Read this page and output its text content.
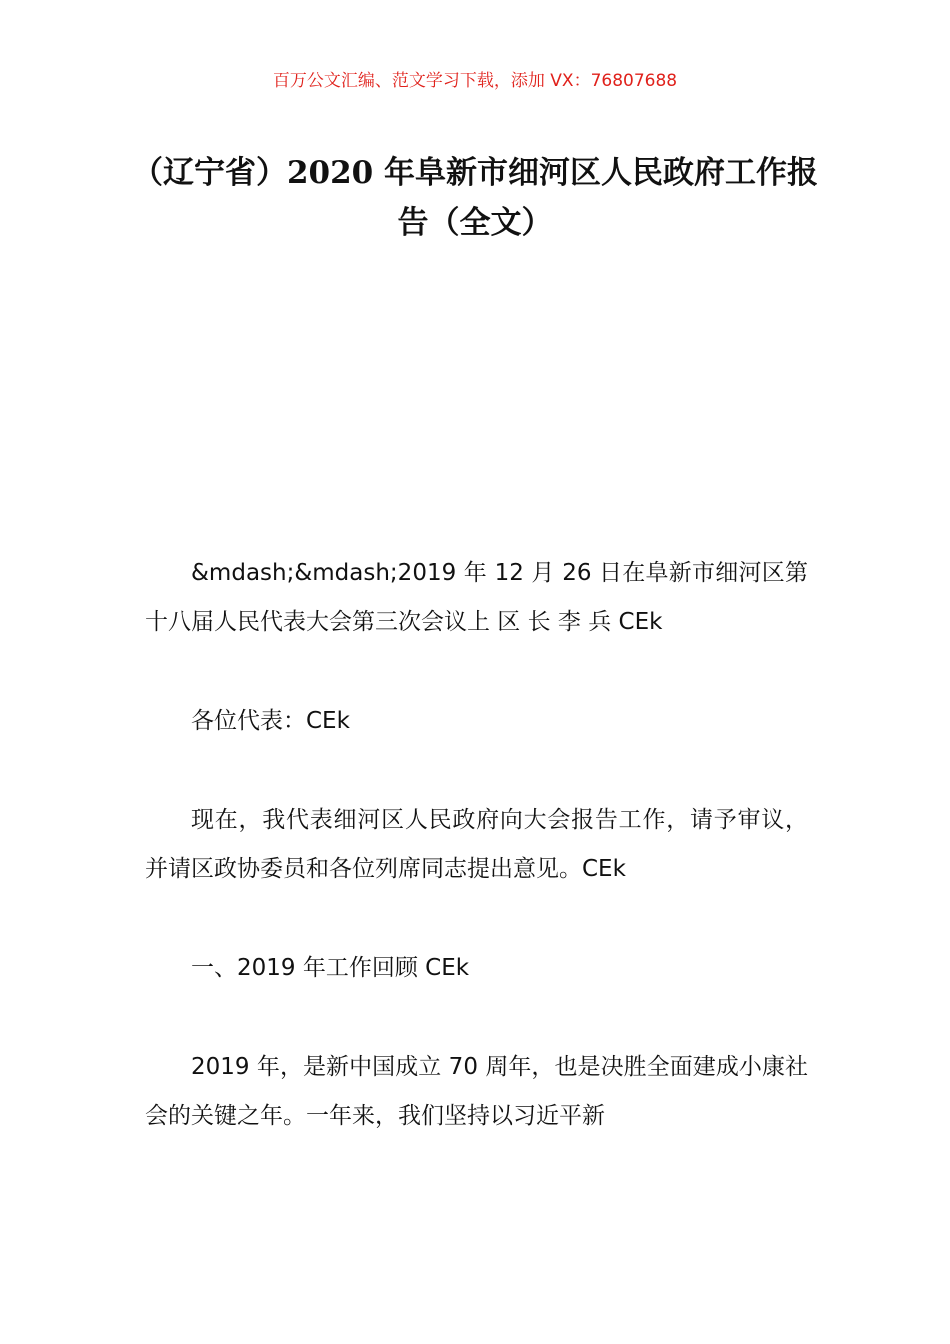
百万公文汇编、范文学习下载，添加 VX：76807688
（辽宁省）2020 年阜新市细河区人民政府工作报告（全文）

&mdash;&mdash;2019 年 12 月 26 日在阜新市细河区第十八届人民代表大会第三次会议上 区 长 李 兵 CEk

各位代表：CEk

现在，我代表细河区人民政府向大会报告工作，请予审议，并请区政协委员和各位列席同志提出意见。CEk

一、2019 年工作回顾 CEk

2019 年，是新中国成立 70 周年，也是决胜全面建成小康社会的关键之年。一年来，我们坚持以习近平新
